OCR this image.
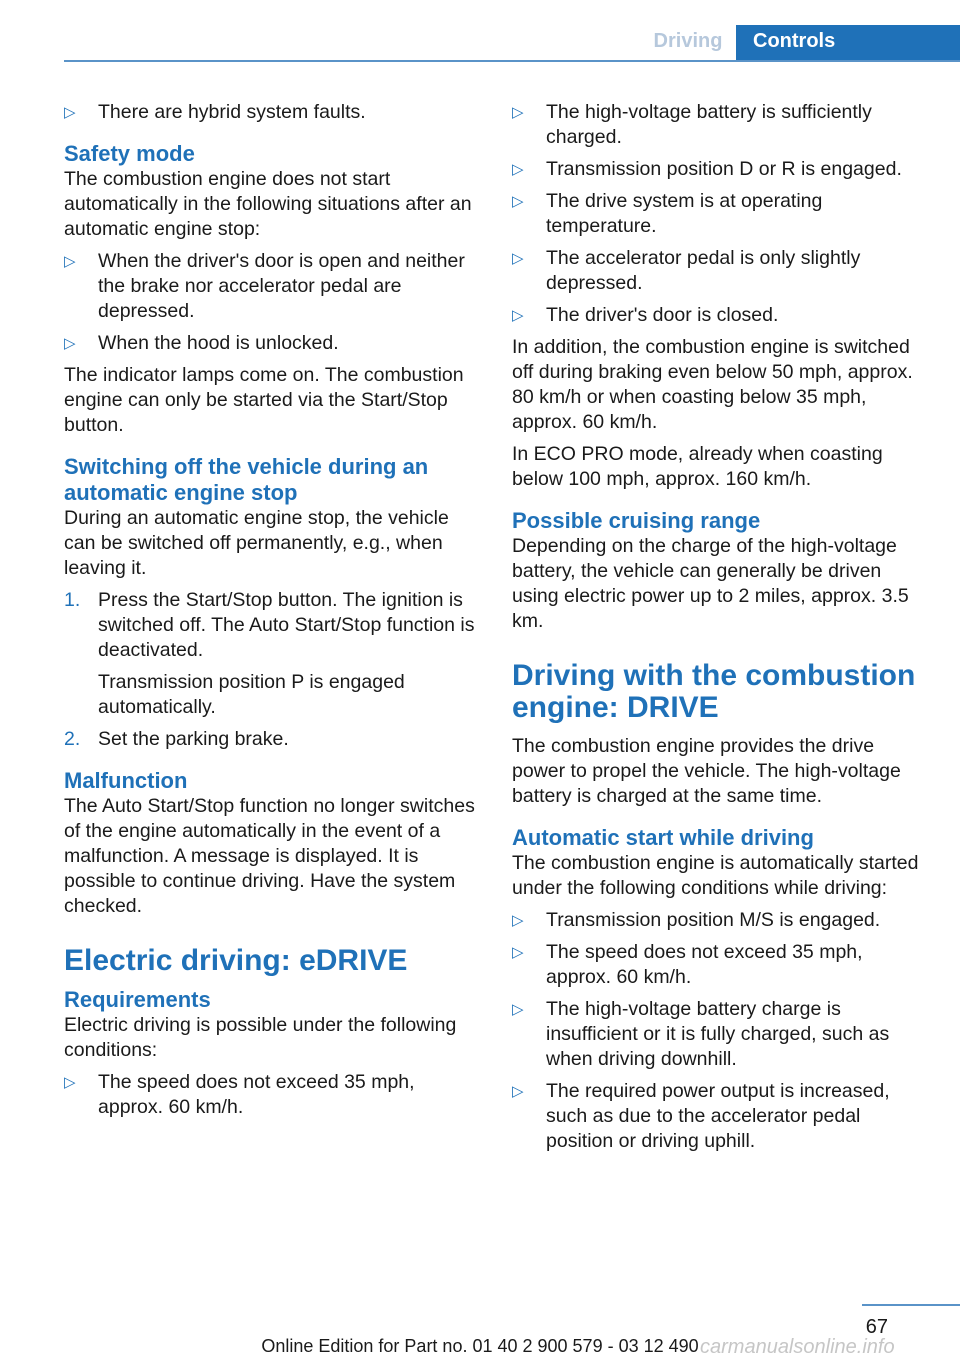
Driving	Controls
▷ There are hybrid system faults.
Safety mode

The combustion engine does not start automatically in the following situations after an automatic engine stop:

▷ When the driver's door is open and neither the brake nor accelerator pedal are depressed.
▷ When the hood is unlocked.

The indicator lamps come on. The combustion engine can only be started via the Start/Stop button.

Switching off the vehicle during an automatic engine stop

During an automatic engine stop, the vehicle can be switched off permanently, e.g., when leaving it.

1. Press the Start/Stop button. The ignition is switched off. The Auto Start/Stop function is deactivated.
Transmission position P is engaged automatically.
2. Set the parking brake.
Malfunction

The Auto Start/Stop function no longer switches of the engine automatically in the event of a malfunction. A message is displayed. It is possible to continue driving. Have the system checked.

Electric driving: eDRIVE
Requirements

Electric driving is possible under the following conditions:

▷ The speed does not exceed 35 mph, approx. 60 km/h.
▷ The high-voltage battery is sufficiently charged.
▷ Transmission position D or R is engaged.
▷ The drive system is at operating temperature.
▷ The accelerator pedal is only slightly depressed.
▷ The driver's door is closed.

In addition, the combustion engine is switched off during braking even below 50 mph, approx. 80 km/h or when coasting below 35 mph, approx. 60 km/h.

In ECO PRO mode, already when coasting below 100 mph, approx. 160 km/h.

Possible cruising range

Depending on the charge of the high-voltage battery, the vehicle can generally be driven using electric power up to 2 miles, approx. 3.5 km.

Driving with the combustion engine: DRIVE

The combustion engine provides the drive power to propel the vehicle. The high-voltage battery is charged at the same time.

Automatic start while driving

The combustion engine is automatically started under the following conditions while driving:

▷ Transmission position M/S is engaged.
▷ The speed does not exceed 35 mph, approx. 60 km/h.
▷ The high-voltage battery charge is insufficient or it is fully charged, such as when driving downhill.
▷ The required power output is increased, such as due to the accelerator pedal position or driving uphill.
67
Online Edition for Part no. 01 40 2 900 579 - 03 12 490 carmanualsonline.info
